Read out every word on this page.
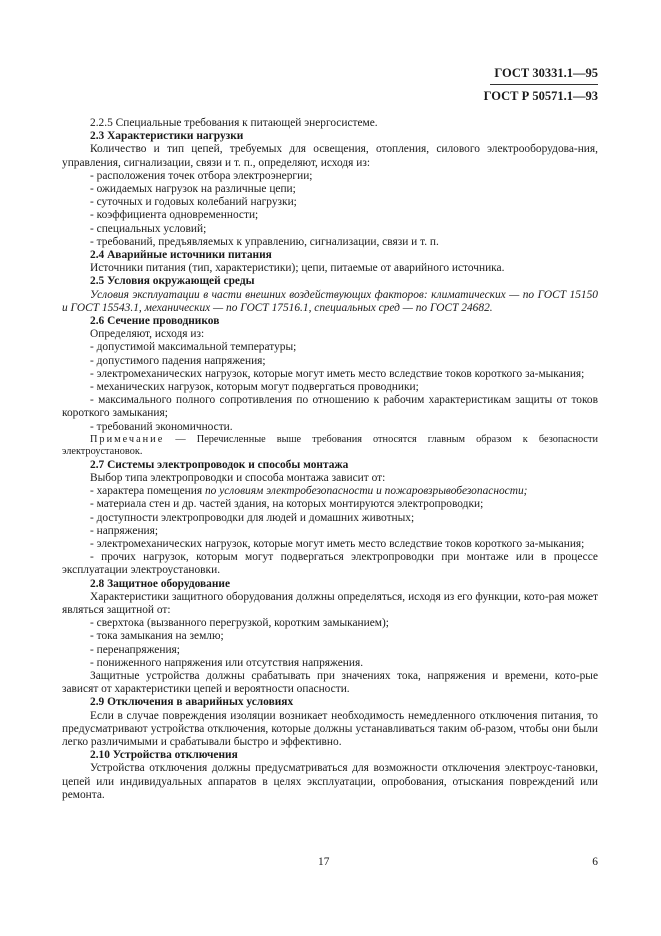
ГОСТ 30331.1—95
ГОСТ Р 50571.1—93

2.2.5 Специальные требования к питающей энергосистеме.

2.3 Характеристики нагрузки

Количество и тип цепей, требуемых для освещения, отопления, силового электрооборудова-ния, управления, сигнализации, связи и т. п., определяют, исходя из:

- расположения точек отбора электроэнергии;

- ожидаемых нагрузок на различные цепи;

- суточных и годовых колебаний нагрузки;

- коэффициента одновременности;

- специальных условий;

- требований, предъявляемых к управлению, сигнализации, связи и т. п.

2.4 Аварийные источники питания

Источники питания (тип, характеристики); цепи, питаемые от аварийного источника.

2.5 Условия окружающей среды

Условия эксплуатации в части внешних воздействующих факторов: климатических — по ГОСТ 15150 и ГОСТ 15543.1, механических — по ГОСТ 17516.1, специальных сред — по ГОСТ 24682.

2.6 Сечение проводников

Определяют, исходя из:

- допустимой максимальной температуры;

- допустимого падения напряжения;

- электромеханических нагрузок, которые могут иметь место вследствие токов короткого за-мыкания;

- механических нагрузок, которым могут подвергаться проводники;

- максимального полного сопротивления по отношению к рабочим характеристикам защиты от токов короткого замыкания;

- требований экономичности.

Примечание — Перечисленные выше требования относятся главным образом к безопасности электроустановок.

2.7 Системы электропроводок и способы монтажа

Выбор типа электропроводки и способа монтажа зависит от:

- характера помещения по условиям электробезопасности и пожаровзрывобезопасности;

- материала стен и др. частей здания, на которых монтируются электропроводки;

- доступности электропроводки для людей и домашних животных;

- напряжения;

- электромеханических нагрузок, которые могут иметь место вследствие токов короткого за-мыкания;

- прочих нагрузок, которым могут подвергаться электропроводки при монтаже или в процессе эксплуатации электроустановки.

2.8 Защитное оборудование

Характеристики защитного оборудования должны определяться, исходя из его функции, кото-рая может являться защитной от:

- сверхтока (вызванного перегрузкой, коротким замыканием);

- тока замыкания на землю;

- перенапряжения;

- пониженного напряжения или отсутствия напряжения.

Защитные устройства должны срабатывать при значениях тока, напряжения и времени, кото-рые зависят от характеристики цепей и вероятности опасности.

2.9 Отключения в аварийных условиях

Если в случае повреждения изоляции возникает необходимость немедленного отключения питания, то предусматривают устройства отключения, которые должны устанавливаться таким об-разом, чтобы они были легко различимыми и срабатывали быстро и эффективно.

2.10 Устройства отключения

Устройства отключения должны предусматриваться для возможности отключения электроус-тановки, цепей или индивидуальных аппаратов в целях эксплуатации, опробования, отыскания повреждений или ремонта.

17	6
